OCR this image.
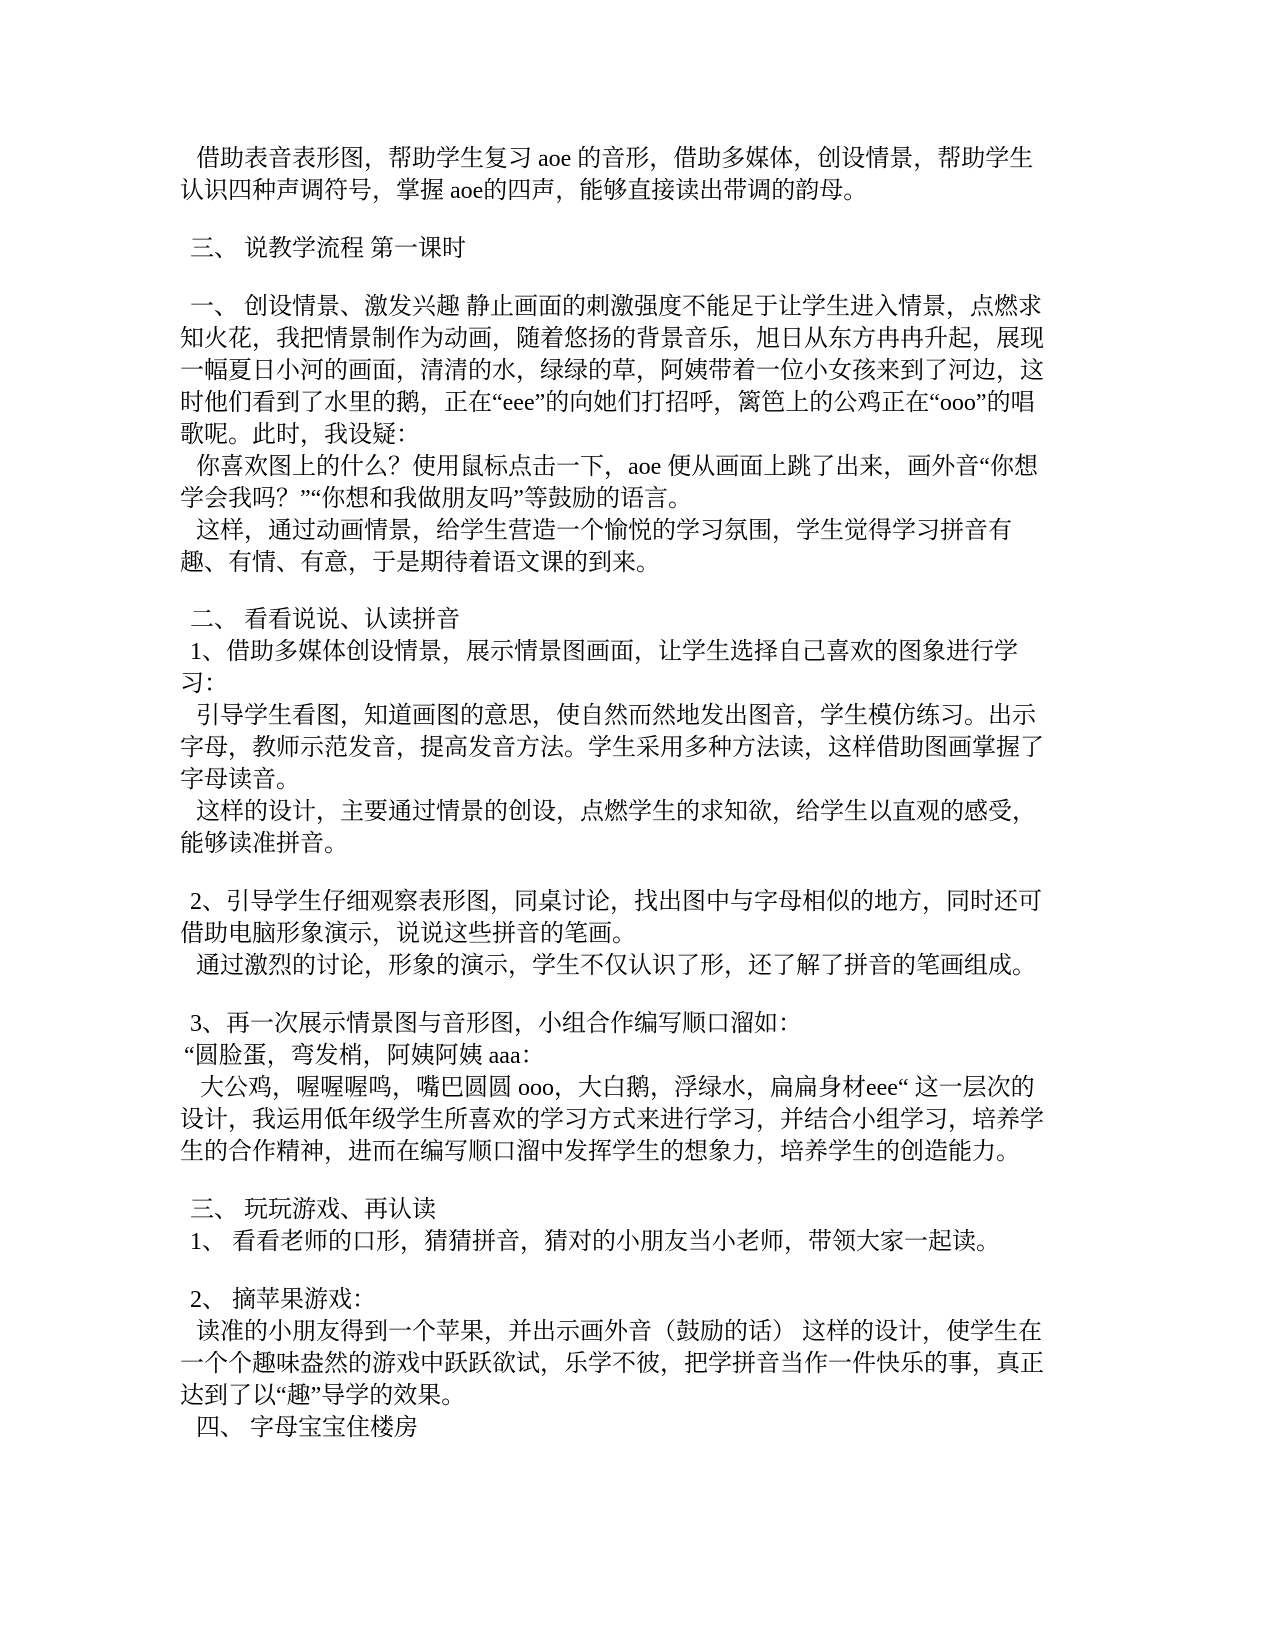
借助表音表形图，帮助学生复习 aoe 的音形，借助多媒体，创设情景，帮助学生
认识四种声调符号，掌握 aoe的四声，能够直接读出带调的韵母。
三、 说教学流程 第一课时
一、 创设情景、激发兴趣 静止画面的刺激强度不能足于让学生进入情景，点燃求
知火花，我把情景制作为动画，随着悠扬的背景音乐，旭日从东方冉冉升起，展现
一幅夏日小河的画面，清清的水，绿绿的草，阿姨带着一位小女孩来到了河边，这
时他们看到了水里的鹅，正在“eee”的向她们打招呼，篱笆上的公鸡正在“ooo”的唱
歌呢。此时，我设疑：
你喜欢图上的什么？使用鼠标点击一下，aoe 便从画面上跳了出来，画外音“你想
学会我吗？”“你想和我做朋友吗”等鼓励的语言。
这样，通过动画情景，给学生营造一个愉悦的学习氛围，学生觉得学习拼音有
趣、有情、有意，于是期待着语文课的到来。
二、 看看说说、认读拼音
1、借助多媒体创设情景，展示情景图画面，让学生选择自己喜欢的图象进行学
习：
引导学生看图，知道画图的意思，使自然而然地发出图音，学生模仿练习。出示
字母，教师示范发音，提高发音方法。学生采用多种方法读，这样借助图画掌握了
字母读音。
这样的设计，主要通过情景的创设，点燃学生的求知欲，给学生以直观的感受，
能够读准拼音。
2、引导学生仔细观察表形图，同桌讨论，找出图中与字母相似的地方，同时还可
借助电脑形象演示，说说这些拼音的笔画。
通过激烈的讨论，形象的演示，学生不仅认识了形，还了解了拼音的笔画组成。
3、再一次展示情景图与音形图，小组合作编写顺口溜如：
“圆脸蛋，弯发梢，阿姨阿姨 aaa：
大公鸡，喔喔喔鸣，嘴巴圆圆 ooo，大白鹅，浮绿水，扁扁身材eee“ 这一层次的
设计，我运用低年级学生所喜欢的学习方式来进行学习，并结合小组学习，培养学
生的合作精神，进而在编写顺口溜中发挥学生的想象力，培养学生的创造能力。
三、 玩玩游戏、再认读
1、 看看老师的口形，猜猜拼音，猜对的小朋友当小老师，带领大家一起读。
2、 摘苹果游戏：
读准的小朋友得到一个苹果，并出示画外音（鼓励的话） 这样的设计，使学生在
一个个趣味盎然的游戏中跃跃欲试，乐学不彼，把学拼音当作一件快乐的事，真正
达到了以“趣”导学的效果。
四、 字母宝宝住楼房
